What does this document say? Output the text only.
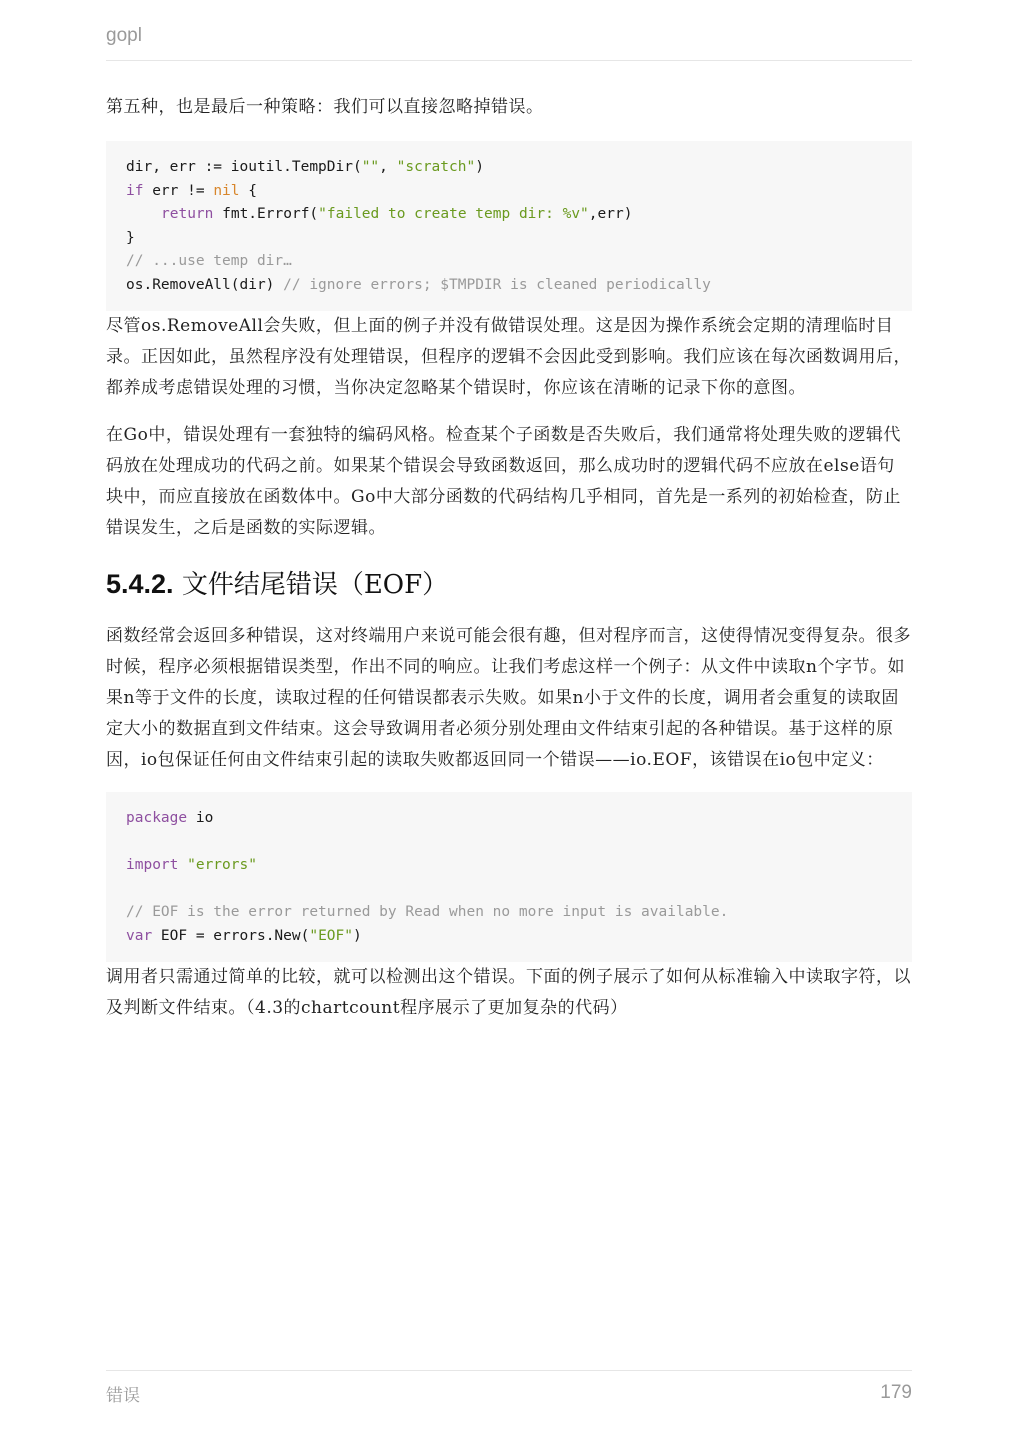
gopl

第五种，也是最后一种策略：我们可以直接忽略掉错误。

dir, err := ioutil.TempDir("", "scratch")
if err != nil {
return fmt.Errorf("failed to create temp dir: %v",err)
}
// ...use temp dir…
os.RemoveAll(dir) // ignore errors; $TMPDIR is cleaned periodically

尽管os.RemoveAll会失败，但上面的例子并没有做错误处理。这是因为操作系统会定期的清理临时目录。正因如此，虽然程序没有处理错误，但程序的逻辑不会因此受到影响。我们应该在每次函数调用后，都养成考虑错误处理的习惯，当你决定忽略某个错误时，你应该在清晰的记录下你的意图。

在Go中，错误处理有一套独特的编码风格。检查某个子函数是否失败后，我们通常将处理失败的逻辑代码放在处理成功的代码之前。如果某个错误会导致函数返回，那么成功时的逻辑代码不应放在else语句块中，而应直接放在函数体中。Go中大部分函数的代码结构几乎相同，首先是一系列的初始检查，防止错误发生，之后是函数的实际逻辑。

5.4.2. 文件结尾错误（EOF）

函数经常会返回多种错误，这对终端用户来说可能会很有趣，但对程序而言，这使得情况变得复杂。很多时候，程序必须根据错误类型，作出不同的响应。让我们考虑这样一个例子：从文件中读取n个字节。如果n等于文件的长度，读取过程的任何错误都表示失败。如果n小于文件的长度，调用者会重复的读取固定大小的数据直到文件结束。这会导致调用者必须分别处理由文件结束引起的各种错误。基于这样的原因，io包保证任何由文件结束引起的读取失败都返回同一个错误——io.EOF，该错误在io包中定义：

package io
import "errors"
// EOF is the error returned by Read when no more input is available.
var EOF = errors.New("EOF")

调用者只需通过简单的比较，就可以检测出这个错误。下面的例子展示了如何从标准输入中读取字符，以及判断文件结束。（4.3的chartcount程序展示了更加复杂的代码）

错误	179
